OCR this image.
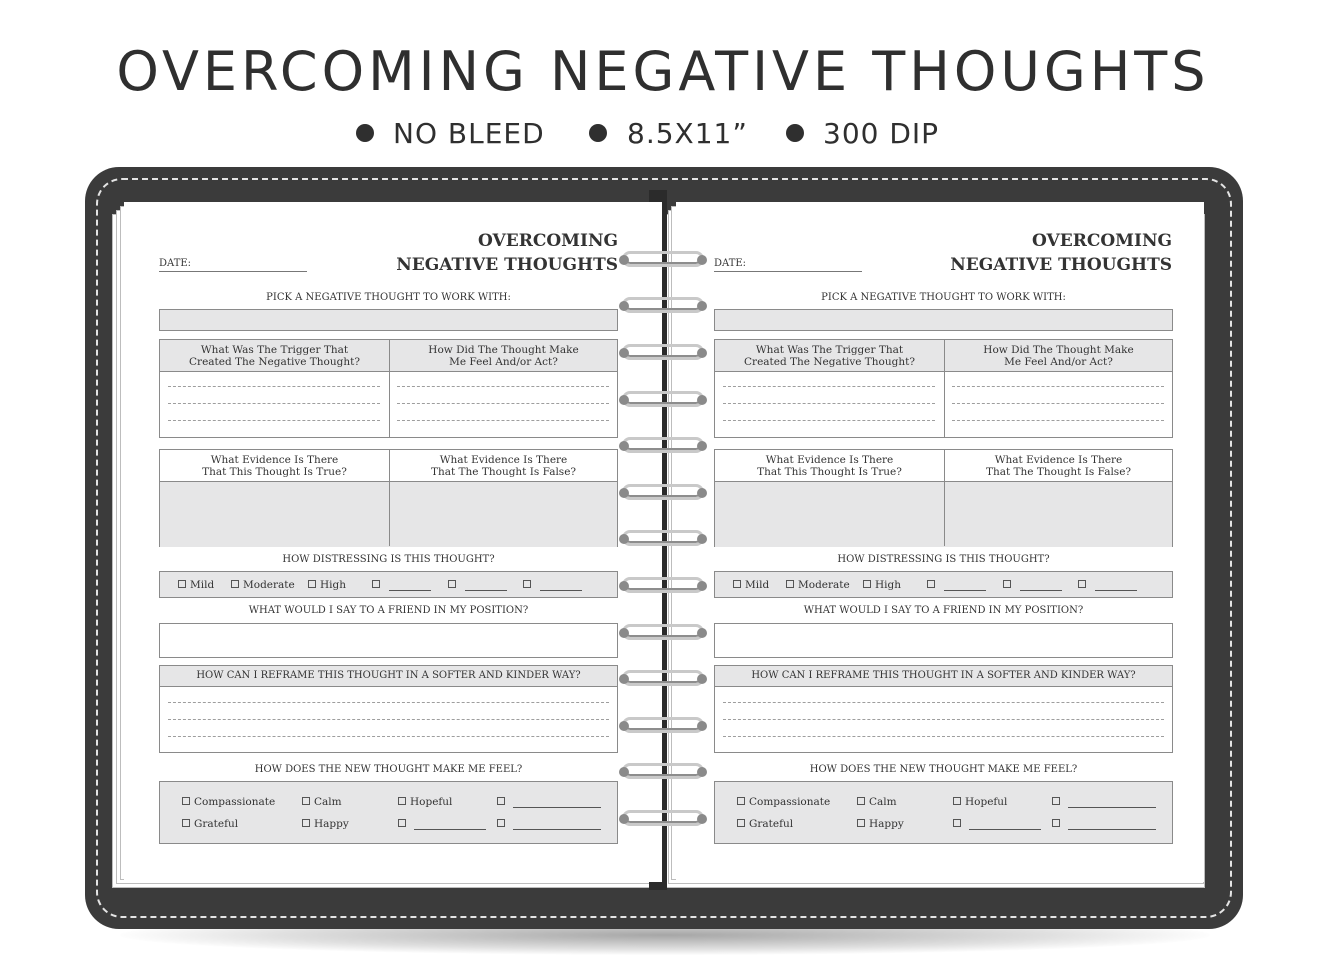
OVERCOMING NEGATIVE THOUGHTS
NO BLEED	8.5X11”	300 DIP
OVERCOMING
NEGATIVE THOUGHTS
DATE:
PICK A NEGATIVE THOUGHT TO WORK WITH:
What Was The Trigger That
Created The Negative Thought?
How Did The Thought Make
Me Feel And/or Act?
What Evidence Is There
That This Thought Is True?
What Evidence Is There
That The Thought Is False?
HOW DISTRESSING IS THIS THOUGHT?
Mild	Moderate	High
WHAT WOULD I SAY TO A FRIEND IN MY POSITION?
HOW CAN I REFRAME THIS THOUGHT IN A SOFTER AND KINDER WAY?
HOW DOES THE NEW THOUGHT MAKE ME FEEL?
Compassionate	Calm	Hopeful
Grateful	Happy
OVERCOMING
NEGATIVE THOUGHTS
DATE:
PICK A NEGATIVE THOUGHT TO WORK WITH:
What Was The Trigger That
Created The Negative Thought?
How Did The Thought Make
Me Feel And/or Act?
What Evidence Is There
That This Thought Is True?
What Evidence Is There
That The Thought Is False?
HOW DISTRESSING IS THIS THOUGHT?
Mild	Moderate	High
WHAT WOULD I SAY TO A FRIEND IN MY POSITION?
HOW CAN I REFRAME THIS THOUGHT IN A SOFTER AND KINDER WAY?
HOW DOES THE NEW THOUGHT MAKE ME FEEL?
Compassionate	Calm	Hopeful
Grateful	Happy
